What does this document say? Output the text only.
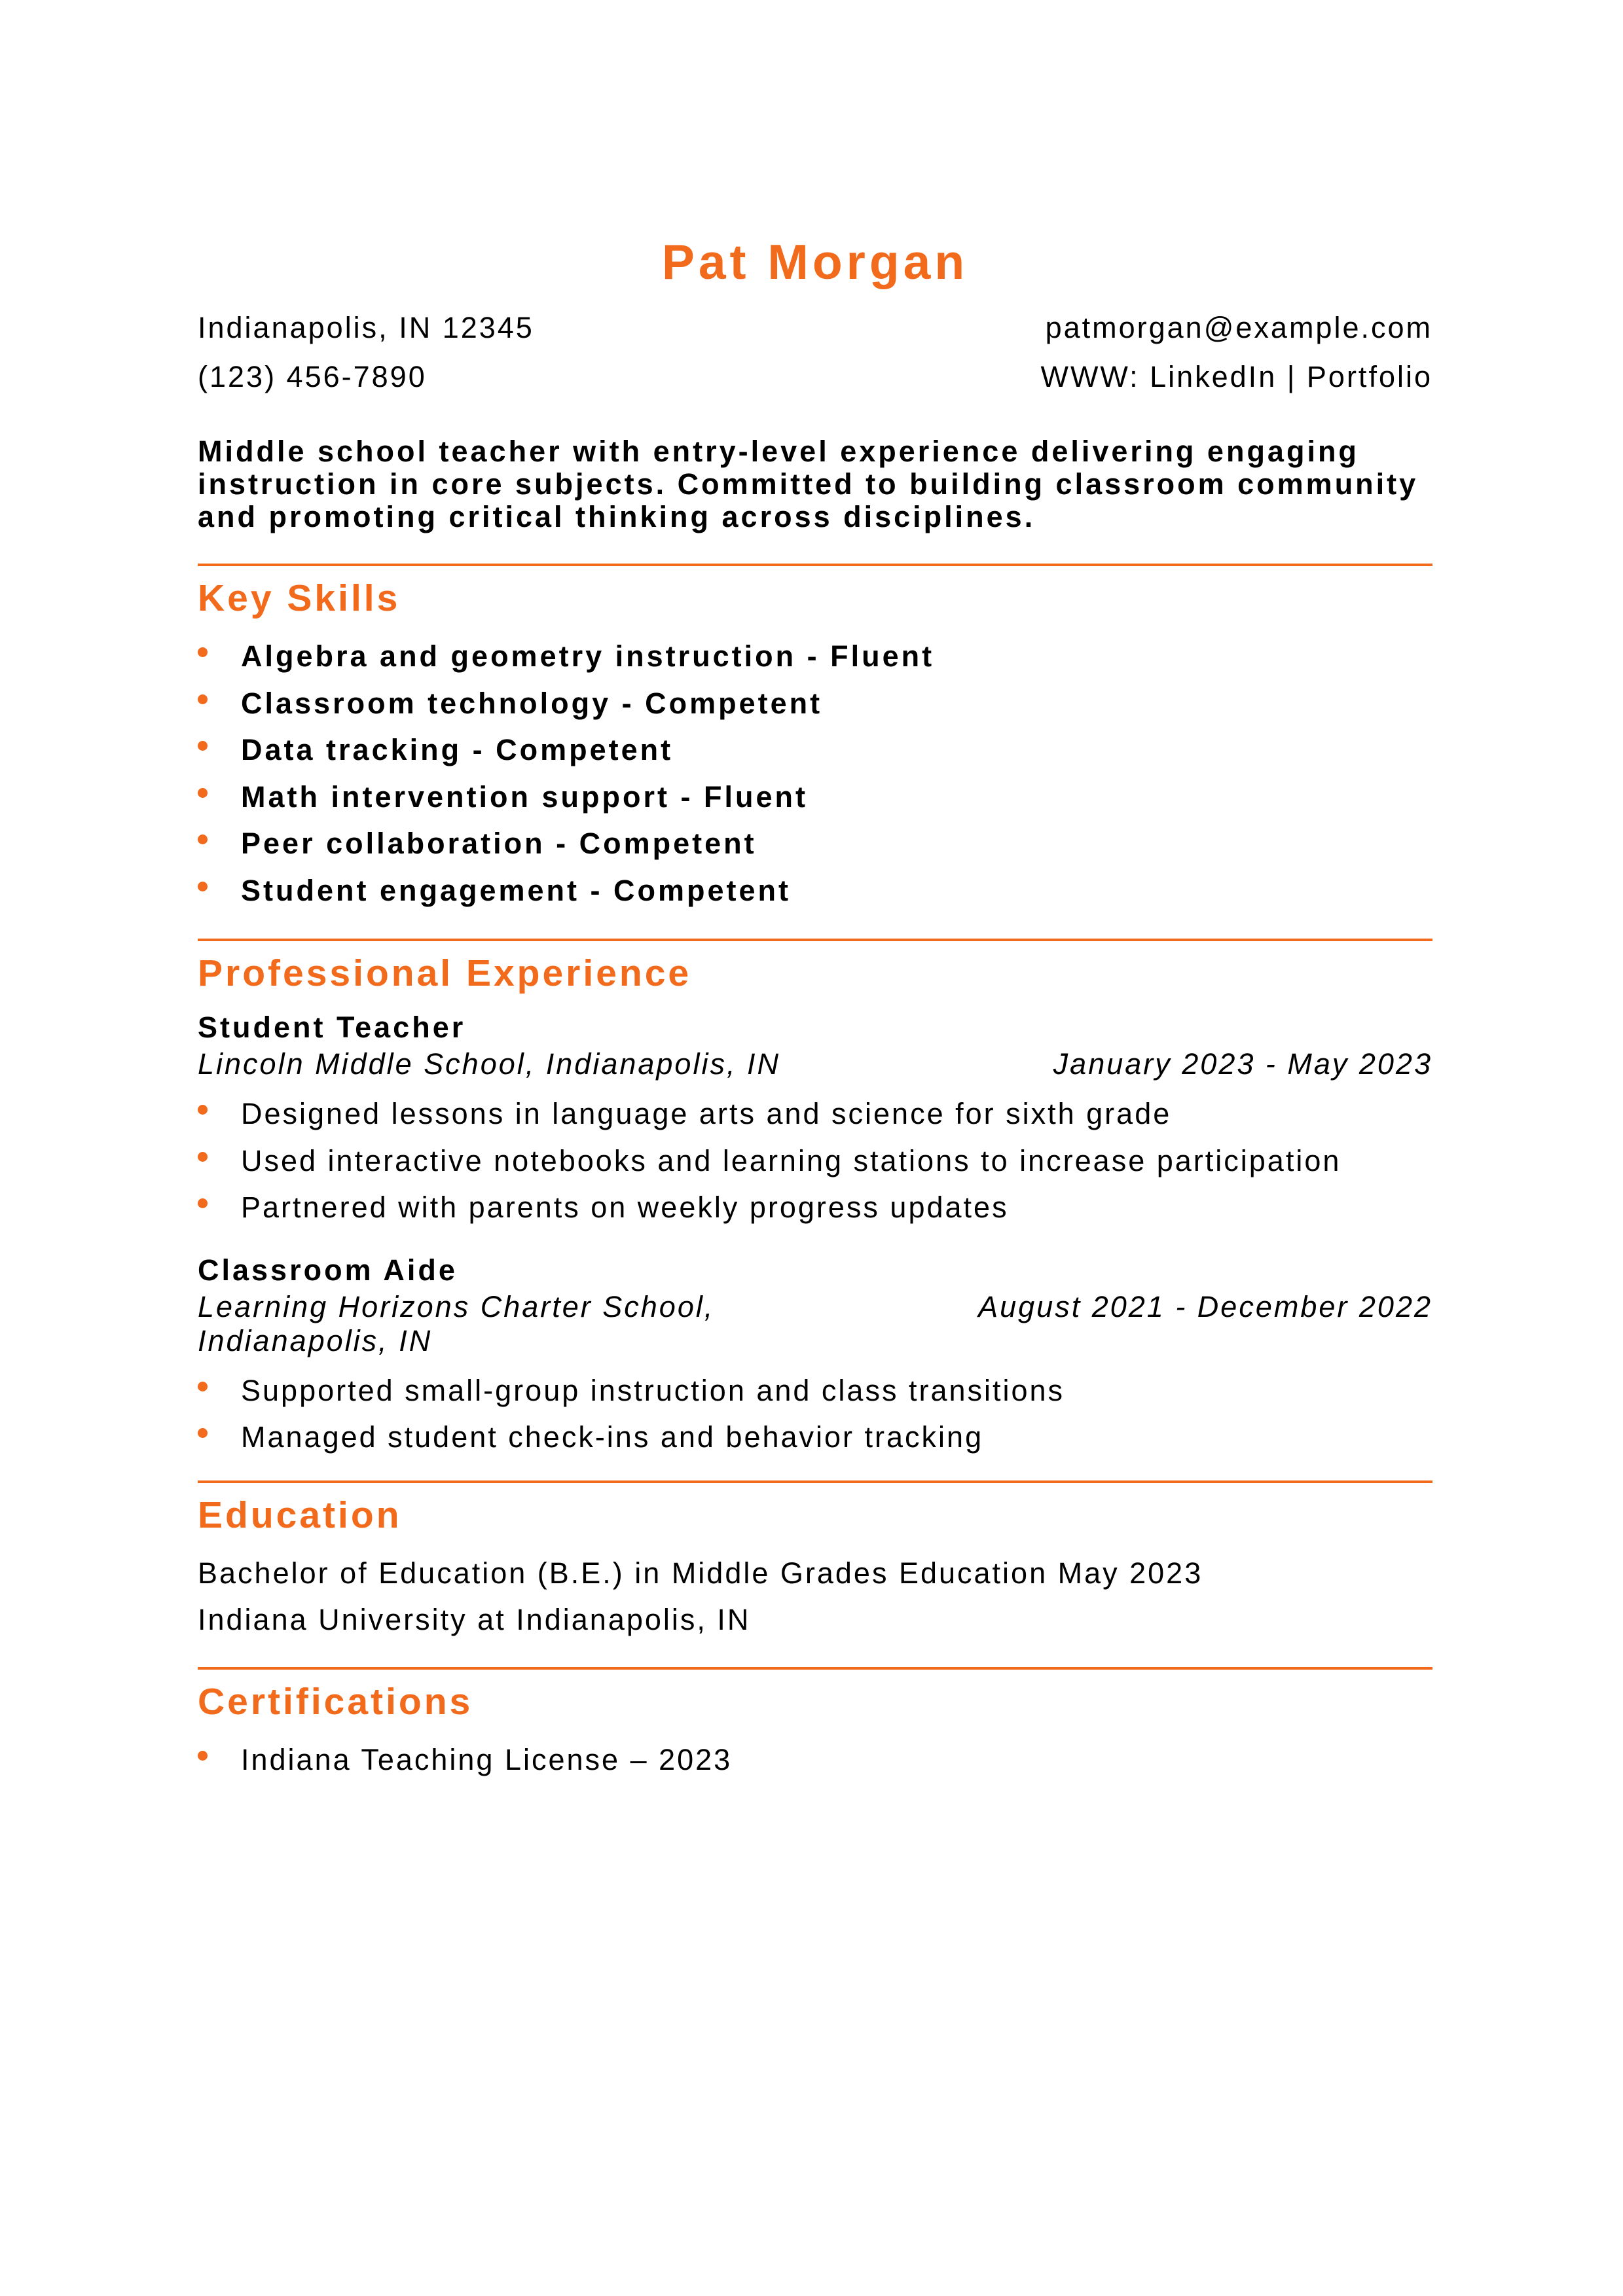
Pat Morgan
Indianapolis, IN 12345	patmorgan@example.com
(123) 456-7890	WWW: LinkedIn | Portfolio
Middle school teacher with entry-level experience delivering engaging instruction in core subjects. Committed to building classroom community and promoting critical thinking across disciplines.
Key Skills
Algebra and geometry instruction - Fluent
Classroom technology - Competent
Data tracking - Competent
Math intervention support - Fluent
Peer collaboration - Competent
Student engagement - Competent
Professional Experience
Student Teacher
Lincoln Middle School, Indianapolis, IN	January 2023 - May 2023
Designed lessons in language arts and science for sixth grade
Used interactive notebooks and learning stations to increase participation
Partnered with parents on weekly progress updates
Classroom Aide
Learning Horizons Charter School, Indianapolis, IN
August 2021 - December 2022
Supported small-group instruction and class transitions
Managed student check-ins and behavior tracking
Education
Bachelor of Education (B.E.) in Middle Grades Education May 2023
Indiana University at Indianapolis, IN
Certifications
Indiana Teaching License – 2023
